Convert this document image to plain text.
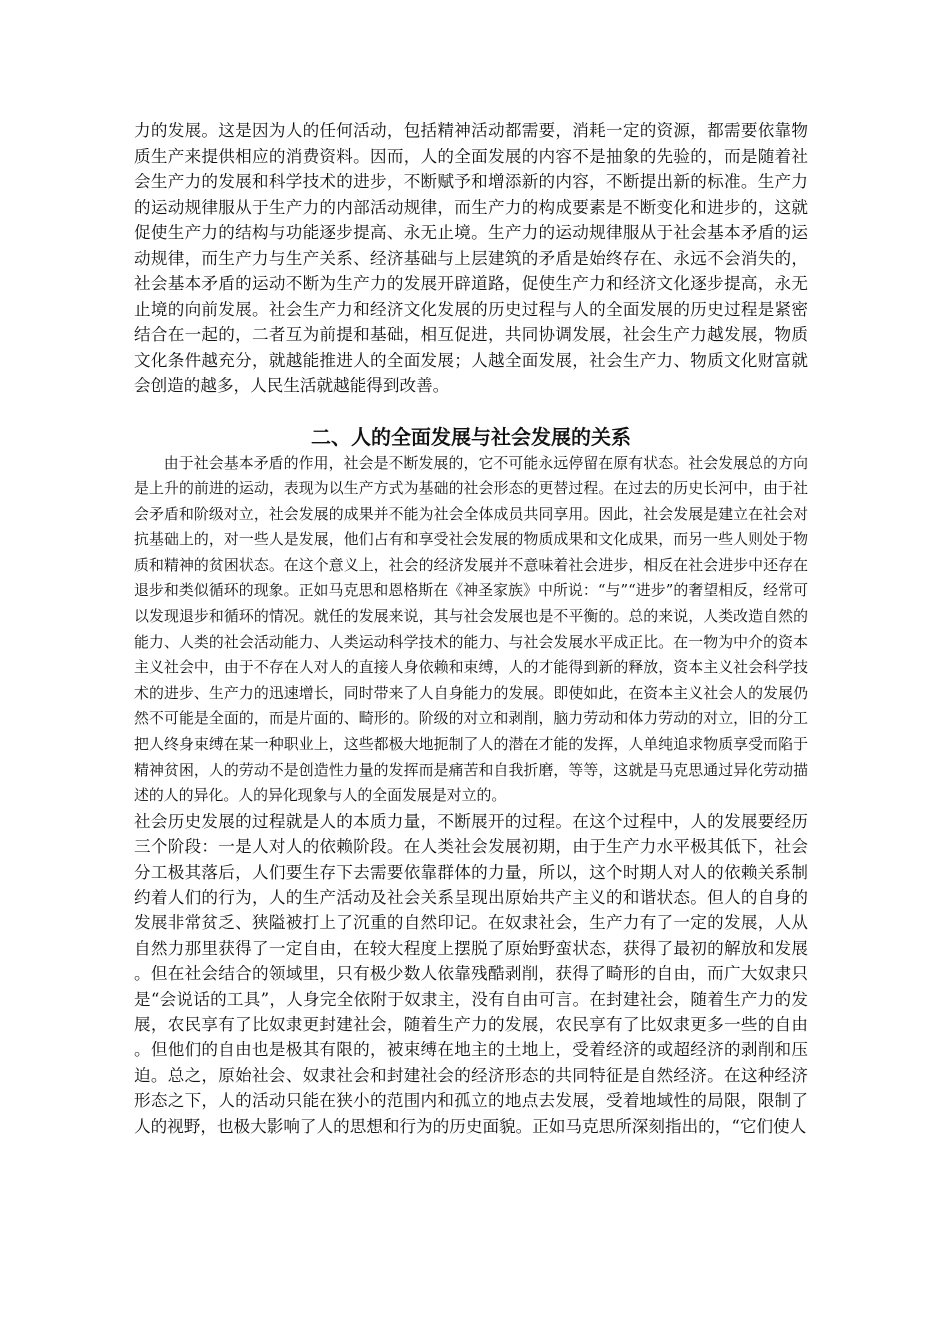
力的发展。这是因为人的任何活动，包括精神活动都需要，消耗一定的资源，都需要依靠物质生产来提供相应的消费资料。因而，人的全面发展的内容不是抽象的先验的，而是随着社会生产力的发展和科学技术的进步，不断赋予和增添新的内容，不断提出新的标准。生产力的运动规律服从于生产力的内部活动规律，而生产力的构成要素是不断变化和进步的，这就促使生产力的结构与功能逐步提高、永无止境。生产力的运动规律服从于社会基本矛盾的运动规律，而生产力与生产关系、经济基础与上层建筑的矛盾是始终存在、永远不会消失的，社会基本矛盾的运动不断为生产力的发展开辟道路，促使生产力和经济文化逐步提高，永无止境的向前发展。社会生产力和经济文化发展的历史过程与人的全面发展的历史过程是紧密结合在一起的，二者互为前提和基础，相互促进，共同协调发展，社会生产力越发展，物质文化条件越充分，就越能推进人的全面发展；人越全面发展，社会生产力、物质文化财富就会创造的越多，人民生活就越能得到改善。

二、人的全面发展与社会发展的关系

由于社会基本矛盾的作用，社会是不断发展的，它不可能永远停留在原有状态。社会发展总的方向是上升的前进的运动，表现为以生产方式为基础的社会形态的更替过程。在过去的历史长河中，由于社会矛盾和阶级对立，社会发展的成果并不能为社会全体成员共同享用。因此，社会发展是建立在社会对抗基础上的，对一些人是发展，他们占有和享受社会发展的物质成果和文化成果，而另一些人则处于物质和精神的贫困状态。在这个意义上，社会的经济发展并不意味着社会进步，相反在社会进步中还存在退步和类似循环的现象。正如马克思和恩格斯在《神圣家族》中所说：“与”“进步”的奢望相反，经常可以发现退步和循环的情况。就任的发展来说，其与社会发展也是不平衡的。总的来说，人类改造自然的能力、人类的社会活动能力、人类运动科学技术的能力、与社会发展水平成正比。在一物为中介的资本主义社会中，由于不存在人对人的直接人身依赖和束缚，人的才能得到新的释放，资本主义社会科学技术的进步、生产力的迅速增长，同时带来了人自身能力的发展。即使如此，在资本主义社会人的发展仍然不可能是全面的，而是片面的、畸形的。阶级的对立和剥削，脑力劳动和体力劳动的对立，旧的分工把人终身束缚在某一种职业上，这些都极大地扼制了人的潜在才能的发挥，人单纯追求物质享受而陷于精神贫困，人的劳动不是创造性力量的发挥而是痛苦和自我折磨，等等，这就是马克思通过异化劳动描述的人的异化。人的异化现象与人的全面发展是对立的。

社会历史发展的过程就是人的本质力量，不断展开的过程。在这个过程中，人的发展要经历三个阶段：一是人对人的依赖阶段。在人类社会发展初期，由于生产力水平极其低下，社会分工极其落后，人们要生存下去需要依靠群体的力量，所以，这个时期人对人的依赖关系制约着人们的行为，人的生产活动及社会关系呈现出原始共产主义的和谐状态。但人的自身的发展非常贫乏、狭隘被打上了沉重的自然印记。在奴隶社会，生产力有了一定的发展，人从自然力那里获得了一定自由，在较大程度上摆脱了原始野蛮状态，获得了最初的解放和发展。但在社会结合的领域里，只有极少数人依靠残酷剥削，获得了畸形的自由，而广大奴隶只是“会说话的工具”，人身完全依附于奴隶主，没有自由可言。在封建社会，随着生产力的发展，农民享有了比奴隶更封建社会，随着生产力的发展，农民享有了比奴隶更多一些的自由。但他们的自由也是极其有限的，被束缚在地主的土地上，受着经济的或超经济的剥削和压迫。总之，原始社会、奴隶社会和封建社会的经济形态的共同特征是自然经济。在这种经济形态之下，人的活动只能在狭小的范围内和孤立的地点去发展，受着地域性的局限，限制了人的视野，也极大影响了人的思想和行为的历史面貌。正如马克思所深刻指出的，“它们使人
